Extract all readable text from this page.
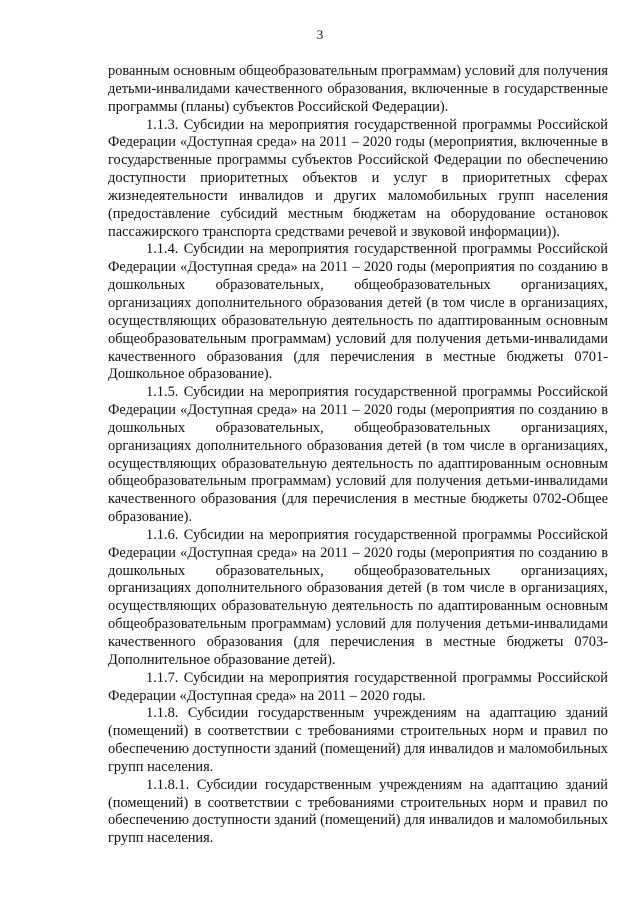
3

рованным основным общеобразовательным программам) условий для получения детьми-инвалидами качественного образования, включенные в государственные программы (планы) субъектов Российской Федерации).

1.1.3. Субсидии на мероприятия государственной программы Российской Федерации «Доступная среда» на 2011 – 2020 годы (мероприятия, включенные в государственные программы субъектов Российской Федерации по обеспечению доступности приоритетных объектов и услуг в приоритетных сферах жизнедеятельности инвалидов и других маломобильных групп населения (предоставление субсидий местным бюджетам на оборудование остановок пассажирского транспорта средствами речевой и звуковой информации)).

1.1.4. Субсидии на мероприятия государственной программы Российской Федерации «Доступная среда» на 2011 – 2020 годы (мероприятия по созданию в дошкольных образовательных, общеобразовательных организациях, организациях дополнительного образования детей (в том числе в организациях, осуществляющих образовательную деятельность по адаптированным основным общеобразовательным программам) условий для получения детьми-инвалидами качественного образования (для перечисления в местные бюджеты 0701-Дошкольное образование).

1.1.5. Субсидии на мероприятия государственной программы Российской Федерации «Доступная среда» на 2011 – 2020 годы (мероприятия по созданию в дошкольных образовательных, общеобразовательных организациях, организациях дополнительного образования детей (в том числе в организациях, осуществляющих образовательную деятельность по адаптированным основным общеобразовательным программам) условий для получения детьми-инвалидами качественного образования (для перечисления в местные бюджеты 0702-Общее образование).

1.1.6. Субсидии на мероприятия государственной программы Российской Федерации «Доступная среда» на 2011 – 2020 годы (мероприятия по созданию в дошкольных образовательных, общеобразовательных организациях, организациях дополнительного образования детей (в том числе в организациях, осуществляющих образовательную деятельность по адаптированным основным общеобразовательным программам) условий для получения детьми-инвалидами качественного образования (для перечисления в местные бюджеты 0703-Дополнительное образование детей).

1.1.7. Субсидии на мероприятия государственной программы Российской Федерации «Доступная среда» на 2011 – 2020 годы.

1.1.8. Субсидии государственным учреждениям на адаптацию зданий (помещений) в соответствии с требованиями строительных норм и правил по обеспечению доступности зданий (помещений) для инвалидов и маломобильных групп населения.

1.1.8.1. Субсидии государственным учреждениям на адаптацию зданий (помещений) в соответствии с требованиями строительных норм и правил по обеспечению доступности зданий (помещений) для инвалидов и маломобильных групп населения.
